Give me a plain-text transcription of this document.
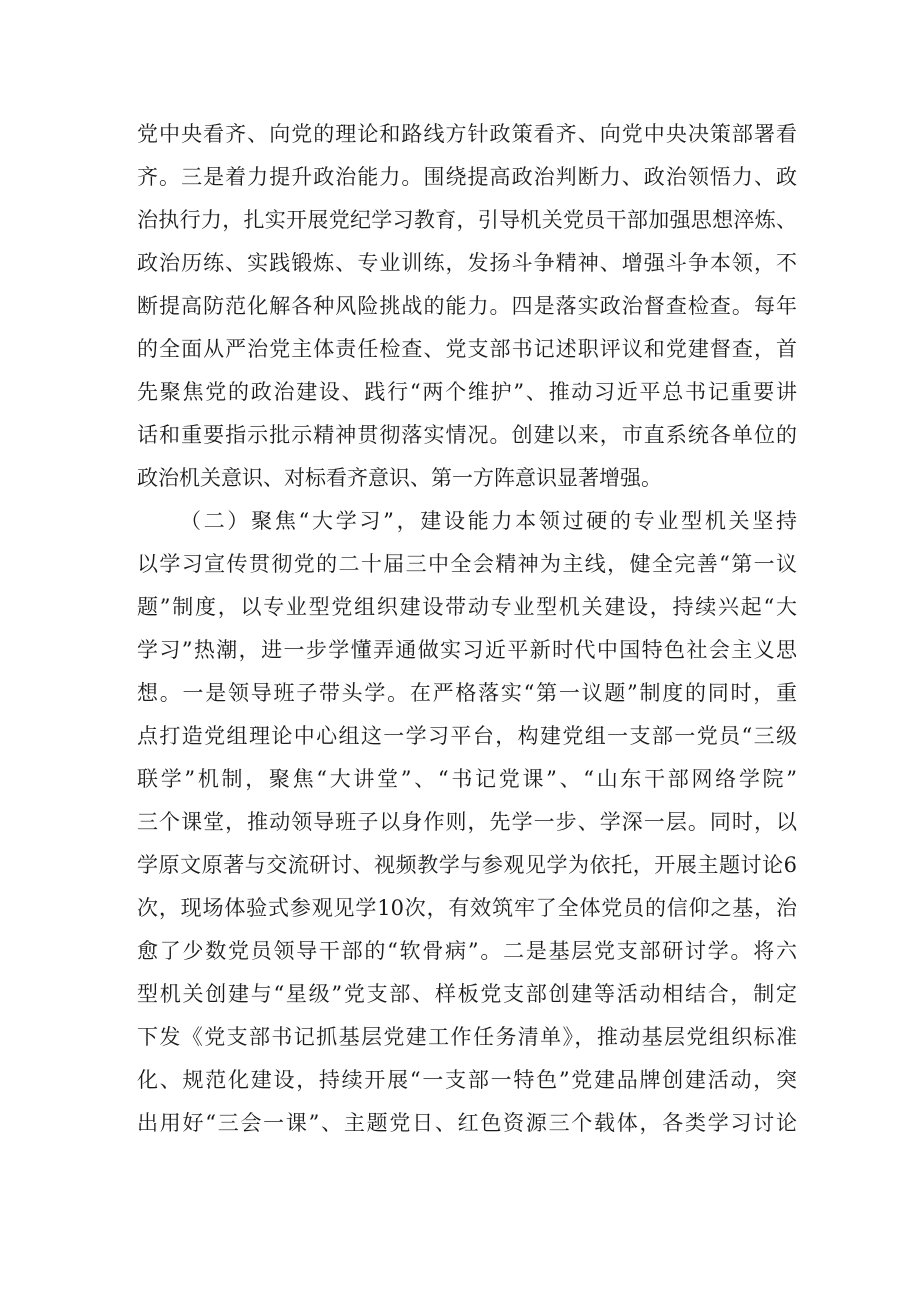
党中央看齐、向党的理论和路线方针政策看齐、向党中央决策部署看
齐。三是着力提升政治能力。围绕提高政治判断力、政治领悟力、政
治执行力，扎实开展党纪学习教育，引导机关党员干部加强思想淬炼、
政治历练、实践锻炼、专业训练，发扬斗争精神、增强斗争本领，不
断提高防范化解各种风险挑战的能力。四是落实政治督查检查。每年
的全面从严治党主体责任检查、党支部书记述职评议和党建督查，首
先聚焦党的政治建设、践行“两个维护”、推动习近平总书记重要讲
话和重要指示批示精神贯彻落实情况。创建以来，市直系统各单位的
政治机关意识、对标看齐意识、第一方阵意识显著增强。
（二）聚焦“大学习”，建设能力本领过硬的专业型机关坚持
以学习宣传贯彻党的二十届三中全会精神为主线，健全完善“第一议
题”制度，以专业型党组织建设带动专业型机关建设，持续兴起“大
学习”热潮，进一步学懂弄通做实习近平新时代中国特色社会主义思
想。一是领导班子带头学。在严格落实“第一议题”制度的同时，重
点打造党组理论中心组这一学习平台，构建党组一支部一党员“三级
联学”机制，聚焦“大讲堂”、“书记党课”、“山东干部网络学院”
三个课堂，推动领导班子以身作则，先学一步、学深一层。同时，以
学原文原著与交流研讨、视频教学与参观见学为依托，开展主题讨论6
次，现场体验式参观见学10次，有效筑牢了全体党员的信仰之基，治
愈了少数党员领导干部的“软骨病”。二是基层党支部研讨学。将六
型机关创建与“星级”党支部、样板党支部创建等活动相结合，制定
下发《党支部书记抓基层党建工作任务清单》，推动基层党组织标准
化、规范化建设，持续开展“一支部一特色”党建品牌创建活动，突
出用好“三会一课”、主题党日、红色资源三个载体，各类学习讨论
